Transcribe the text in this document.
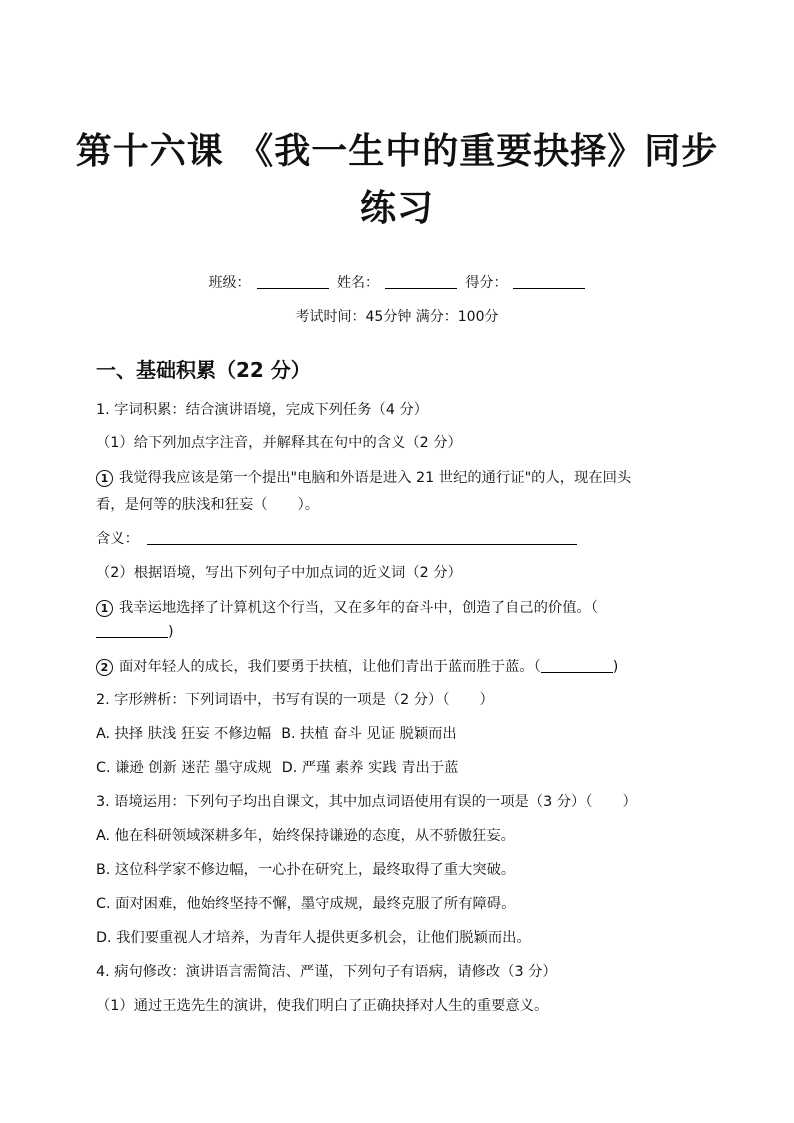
第十六课 《我一生中的重要抉择》同步
练习
班级：	姓名：	得分：
考试时间：45分钟 满分：100分
一、基础积累（22 分）
1. 字词积累：结合演讲语境，完成下列任务（4 分）
（1）给下列加点字注音，并解释其在句中的含义（2 分）
1 我觉得我应该是第一个提出"电脑和外语是进入 21 世纪的通行证"的人，现在回头
看，是何等的肤浅和狂妄（ ）。
含义：
（2）根据语境，写出下列句子中加点词的近义词（2 分）
1 我幸运地选择了计算机这个行当，又在多年的奋斗中，创造了自己的价值。（
)
2 面对年轻人的成长，我们要勇于扶植，让他们青出于蓝而胜于蓝。（	)
2. 字形辨析：下列词语中，书写有误的一项是（2 分）（ ）
A. 抉择 肤浅 狂妄 不修边幅 B. 扶植 奋斗 见证 脱颖而出
C. 谦逊 创新 迷茫 墨守成规 D. 严瑾 素养 实践 青出于蓝
3. 语境运用：下列句子均出自课文，其中加点词语使用有误的一项是（3 分）（ ）
A. 他在科研领域深耕多年，始终保持谦逊的态度，从不骄傲狂妄。
B. 这位科学家不修边幅，一心扑在研究上，最终取得了重大突破。
C. 面对困难，他始终坚持不懈，墨守成规，最终克服了所有障碍。
D. 我们要重视人才培养，为青年人提供更多机会，让他们脱颖而出。
4. 病句修改：演讲语言需简洁、严谨，下列句子有语病，请修改（3 分）
（1）通过王选先生的演讲，使我们明白了正确抉择对人生的重要意义。
